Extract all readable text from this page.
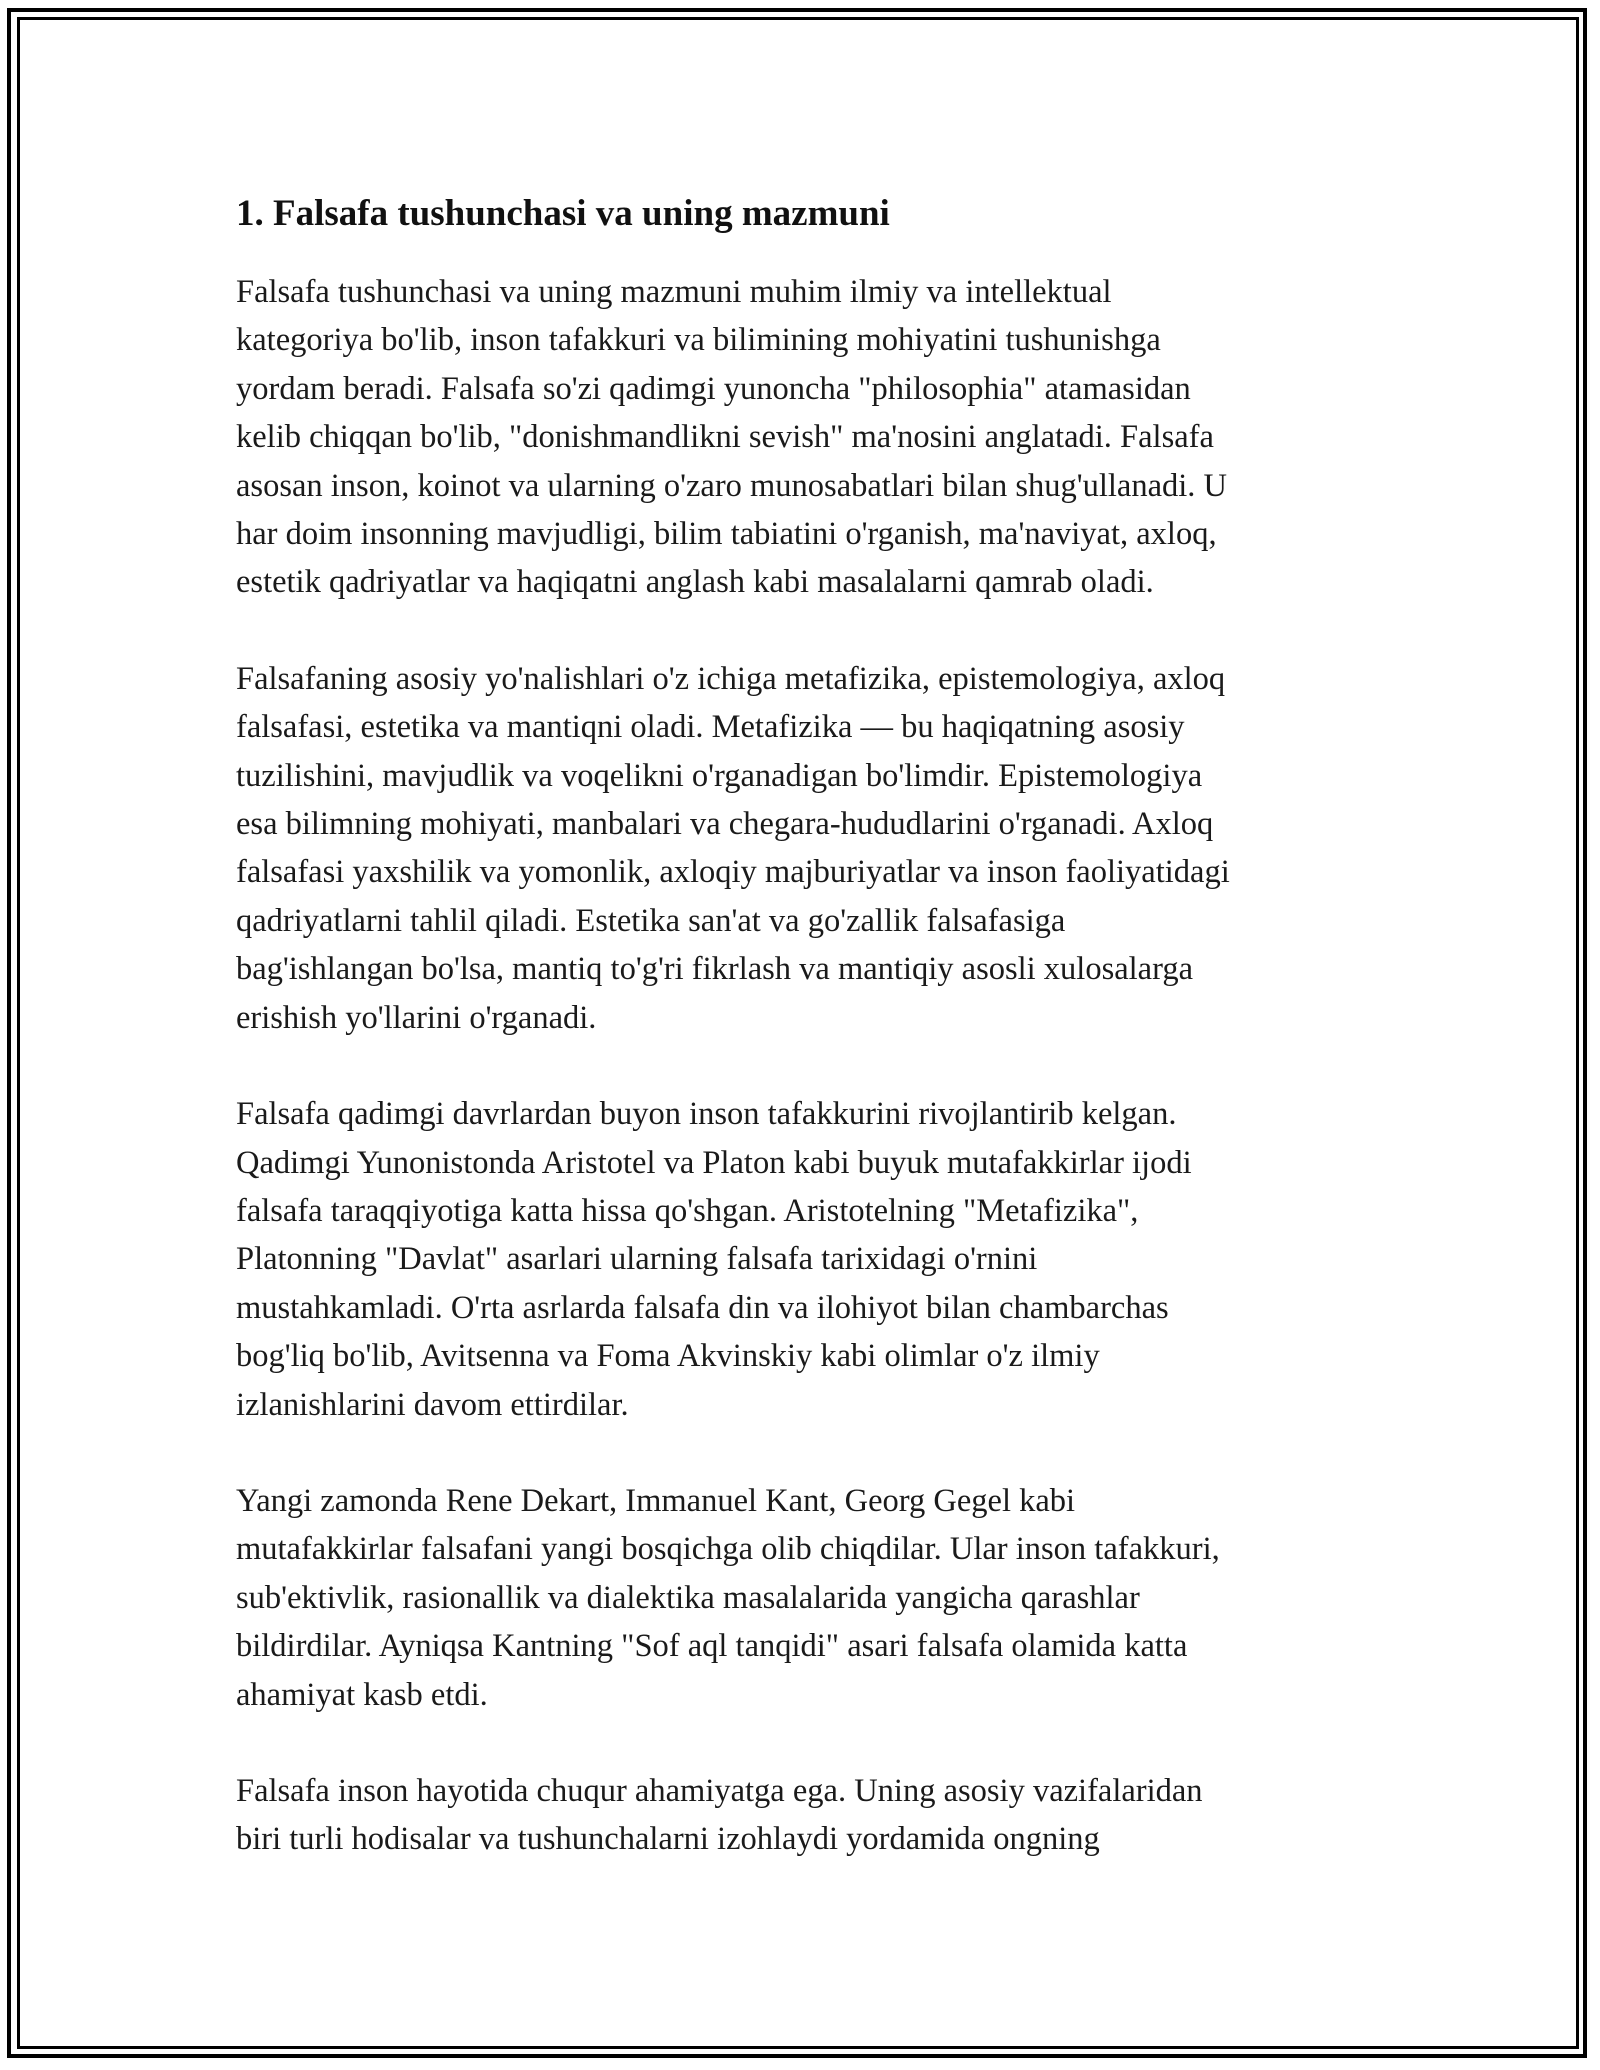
1. Falsafa tushunchasi va uning mazmuni

Falsafa tushunchasi va uning mazmuni muhim ilmiy va intellektual
kategoriya bo'lib, inson tafakkuri va bilimining mohiyatini tushunishga
yordam beradi. Falsafa so'zi qadimgi yunoncha "philosophia" atamasidan
kelib chiqqan bo'lib, "donishmandlikni sevish" ma'nosini anglatadi. Falsafa
asosan inson, koinot va ularning o'zaro munosabatlari bilan shug'ullanadi. U
har doim insonning mavjudligi, bilim tabiatini o'rganish, ma'naviyat, axloq,
estetik qadriyatlar va haqiqatni anglash kabi masalalarni qamrab oladi.

Falsafaning asosiy yo'nalishlari o'z ichiga metafizika, epistemologiya, axloq
falsafasi, estetika va mantiqni oladi. Metafizika — bu haqiqatning asosiy
tuzilishini, mavjudlik va voqelikni o'rganadigan bo'limdir. Epistemologiya
esa bilimning mohiyati, manbalari va chegara-hududlarini o'rganadi. Axloq
falsafasi yaxshilik va yomonlik, axloqiy majburiyatlar va inson faoliyatidagi
qadriyatlarni tahlil qiladi. Estetika san'at va go'zallik falsafasiga
bag'ishlangan bo'lsa, mantiq to'g'ri fikrlash va mantiqiy asosli xulosalarga
erishish yo'llarini o'rganadi.

Falsafa qadimgi davrlardan buyon inson tafakkurini rivojlantirib kelgan.
Qadimgi Yunonistonda Aristotel va Platon kabi buyuk mutafakkirlar ijodi
falsafa taraqqiyotiga katta hissa qo'shgan. Aristotelning "Metafizika",
Platonning "Davlat" asarlari ularning falsafa tarixidagi o'rnini
mustahkamladi. O'rta asrlarda falsafa din va ilohiyot bilan chambarchas
bog'liq bo'lib, Avitsenna va Foma Akvinskiy kabi olimlar o'z ilmiy
izlanishlarini davom ettirdilar.

Yangi zamonda Rene Dekart, Immanuel Kant, Georg Gegel kabi
mutafakkirlar falsafani yangi bosqichga olib chiqdilar. Ular inson tafakkuri,
sub'ektivlik, rasionallik va dialektika masalalarida yangicha qarashlar
bildirdilar. Ayniqsa Kantning "Sof aql tanqidi" asari falsafa olamida katta
ahamiyat kasb etdi.

Falsafa inson hayotida chuqur ahamiyatga ega. Uning asosiy vazifalaridan
biri turli hodisalar va tushunchalarni izohlaydi yordamida ongning
